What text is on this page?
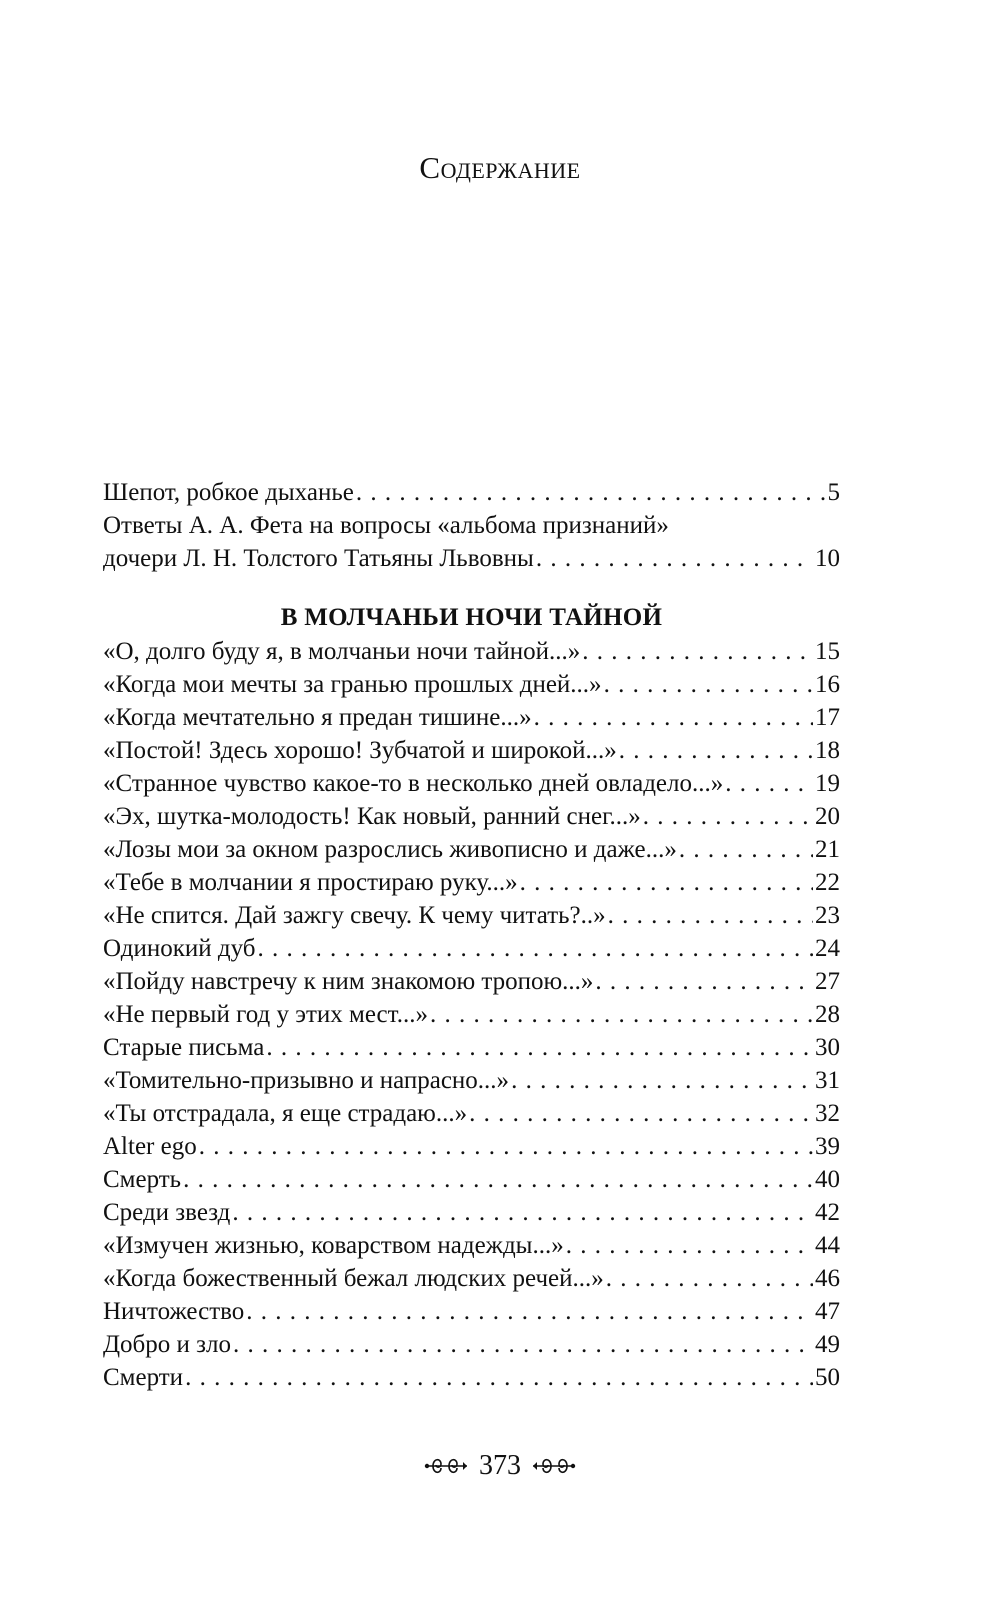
Содержание
Шепот, робкое дыханье . . .	5
Ответы А. А. Фета на вопросы «альбома признаний»
дочери Л. Н. Толстого Татьяны Львовны . . .	10
В МОЛЧАНЬИ НОЧИ ТАЙНОЙ
«О, долго буду я, в молчаньи ночи тайной...» . . .	15
«Когда мои мечты за гранью прошлых дней...» . . .	16
«Когда мечтательно я предан тишине...» . . .	17
«Постой! Здесь хорошо! Зубчатой и широкой...» . . .	18
«Странное чувство какое-то в несколько дней овладело...» . . .	19
«Эх, шутка-молодость! Как новый, ранний снег...» . . .	20
«Лозы мои за окном разрослись живописно и даже...» . . .	21
«Тебе в молчании я простираю руку...» . . .	22
«Не спится. Дай зажгу свечу. К чему читать?..» . . .	23
Одинокий дуб . . .	24
«Пойду навстречу к ним знакомою тропою...» . . .	27
«Не первый год у этих мест...» . . .	28
Старые письма . . .	30
«Томительно-призывно и напрасно...» . . .	31
«Ты отстрадала, я еще страдаю...» . . .	32
Alter ego . . .	39
Смерть . . .	40
Среди звезд . . .	42
«Измучен жизнью, коварством надежды...» . . .	44
«Когда божественный бежал людских речей...» . . .	46
Ничтожество . . .	47
Добро и зло . . .	49
Смерти . . .	50
373
